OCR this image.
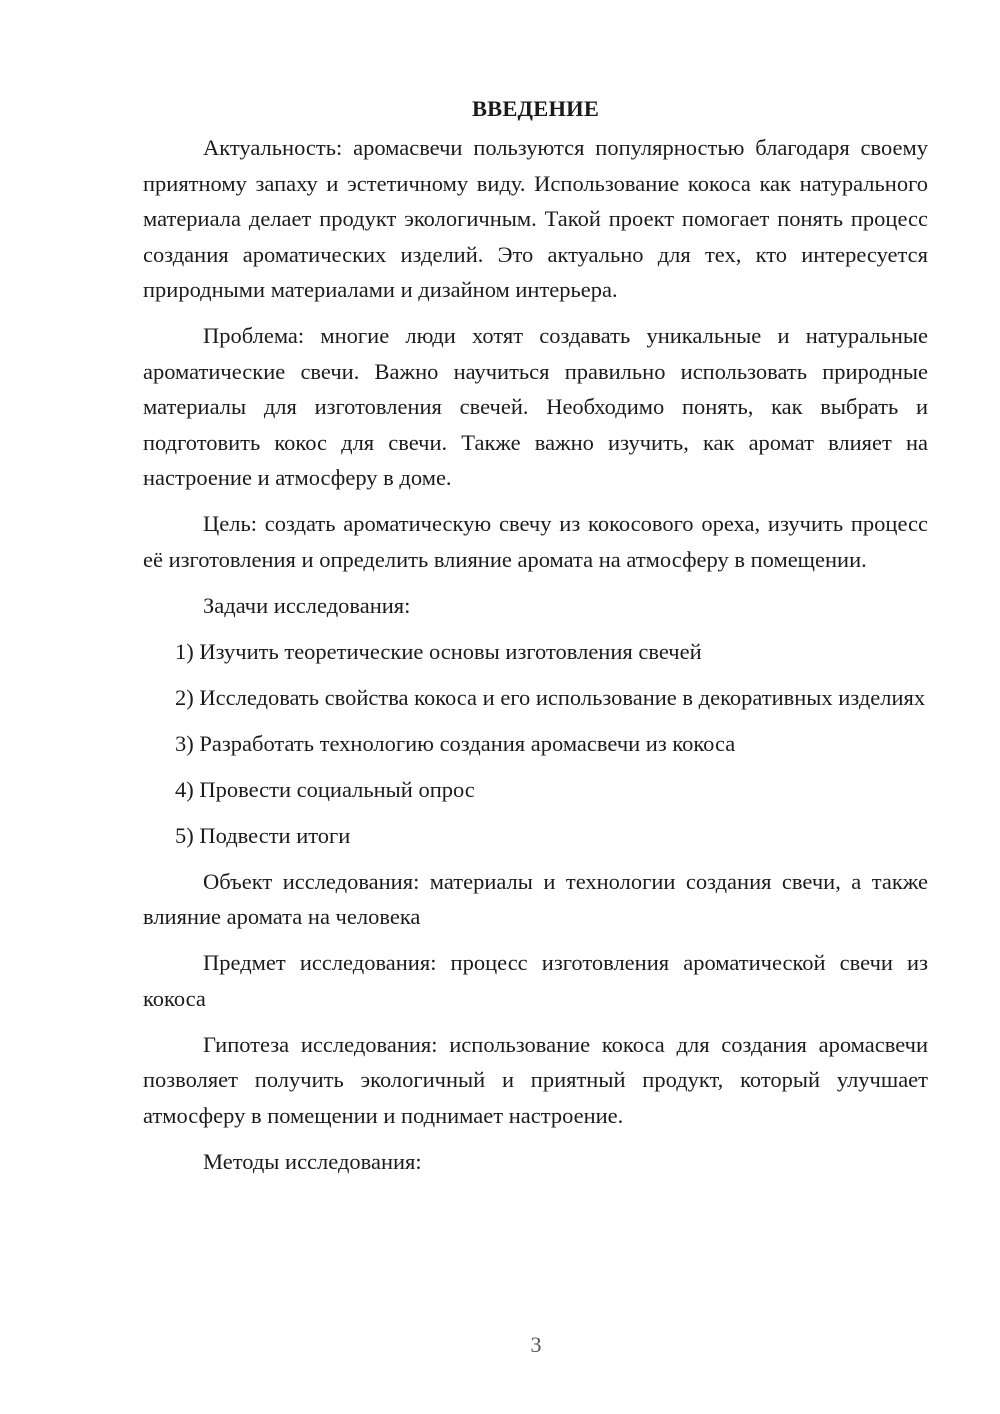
ВВЕДЕНИЕ

Актуальность: аромасвечи пользуются популярностью благодаря своему приятному запаху и эстетичному виду. Использование кокоса как натурального материала делает продукт экологичным. Такой проект помогает понять процесс создания ароматических изделий. Это актуально для тех, кто интересуется природными материалами и дизайном интерьера.

Проблема: многие люди хотят создавать уникальные и натуральные ароматические свечи. Важно научиться правильно использовать природные материалы для изготовления свечей. Необходимо понять, как выбрать и подготовить кокос для свечи. Также важно изучить, как аромат влияет на настроение и атмосферу в доме.

Цель: создать ароматическую свечу из кокосового ореха, изучить процесс её изготовления и определить влияние аромата на атмосферу в помещении.

Задачи исследования:

1) Изучить теоретические основы изготовления свечей

2) Исследовать свойства кокоса и его использование в декоративных изделиях

3) Разработать технологию создания аромасвечи из кокоса

4) Провести социальный опрос

5) Подвести итоги

Объект исследования: материалы и технологии создания свечи, а также влияние аромата на человека

Предмет исследования: процесс изготовления ароматической свечи из кокоса

Гипотеза исследования: использование кокоса для создания аромасвечи позволяет получить экологичный и приятный продукт, который улучшает атмосферу в помещении и поднимает настроение.

Методы исследования:

3
